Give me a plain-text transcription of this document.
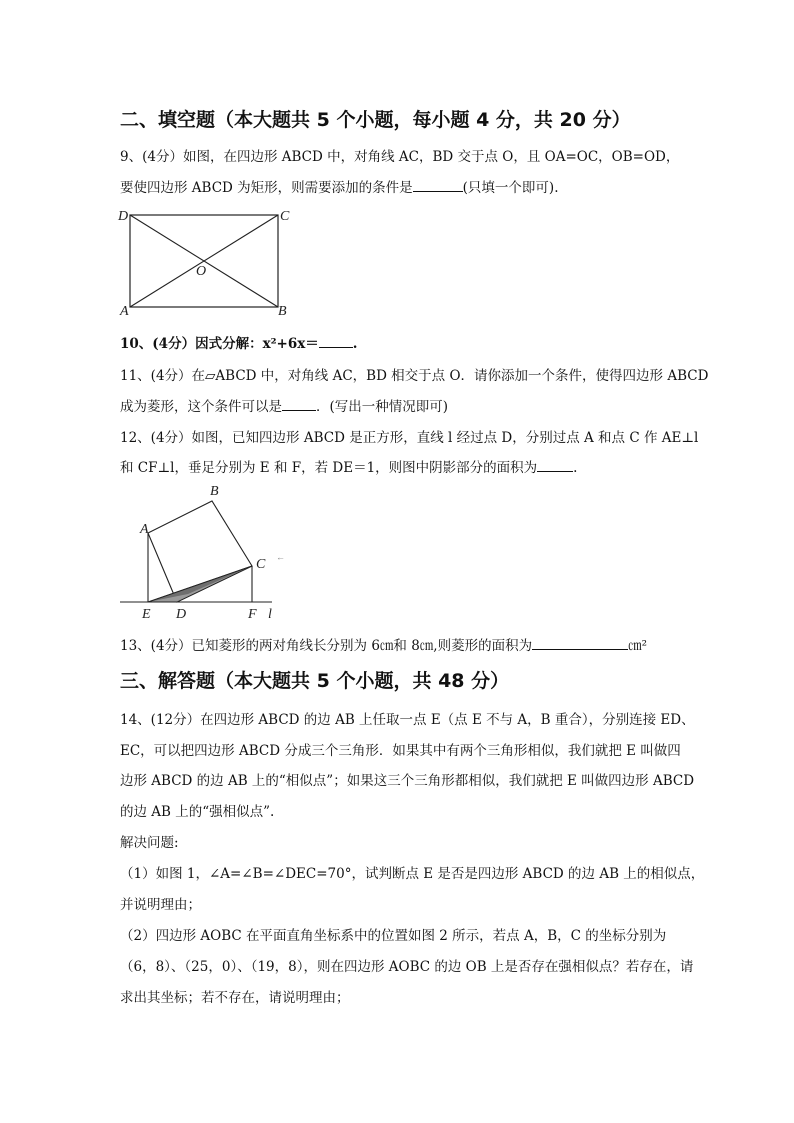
二、填空题（本大题共 5 个小题，每小题 4 分，共 20 分）
9、(4分）如图，在四边形 ABCD 中，对角线 AC，BD 交于点 O，且 OA=OC，OB=OD，
要使四边形 ABCD 为矩形，则需要添加的条件是	(只填一个即可).
D	C
A	B
O
10、(4分）因式分解：x²+6x＝	.
11、(4分）在▱ABCD 中，对角线 AC，BD 相交于点 O．请你添加一个条件，使得四边形 ABCD
成为菱形，这个条件可以是	．(写出一种情况即可)
12、(4分）如图，已知四边形 ABCD 是正方形，直线 l 经过点 D，分别过点 A 和点 C 作 AE⊥l
和 CF⊥l，垂足分别为 E 和 F，若 DE＝1，则图中阴影部分的面积为	.
A
B
C
E D	F l
←
13、(4分）已知菱形的两对角线长分别为 6㎝和 8㎝,则菱形的面积为	㎝²
三、解答题（本大题共 5 个小题，共 48 分）
14、(12分）在四边形 ABCD 的边 AB 上任取一点 E（点 E 不与 A，B 重合），分别连接 ED、
EC，可以把四边形 ABCD 分成三个三角形．如果其中有两个三角形相似，我们就把 E 叫做四
边形 ABCD 的边 AB 上的“相似点”；如果这三个三角形都相似，我们就把 E 叫做四边形 ABCD
的边 AB 上的“强相似点”.
解决问题:
（1）如图 1，∠A=∠B=∠DEC=70°，试判断点 E 是否是四边形 ABCD 的边 AB 上的相似点，
并说明理由；
（2）四边形 AOBC 在平面直角坐标系中的位置如图 2 所示，若点 A，B，C 的坐标分别为
（6，8）、（25，0）、（19，8），则在四边形 AOBC 的边 OB 上是否存在强相似点？若存在，请
求出其坐标；若不存在，请说明理由；
